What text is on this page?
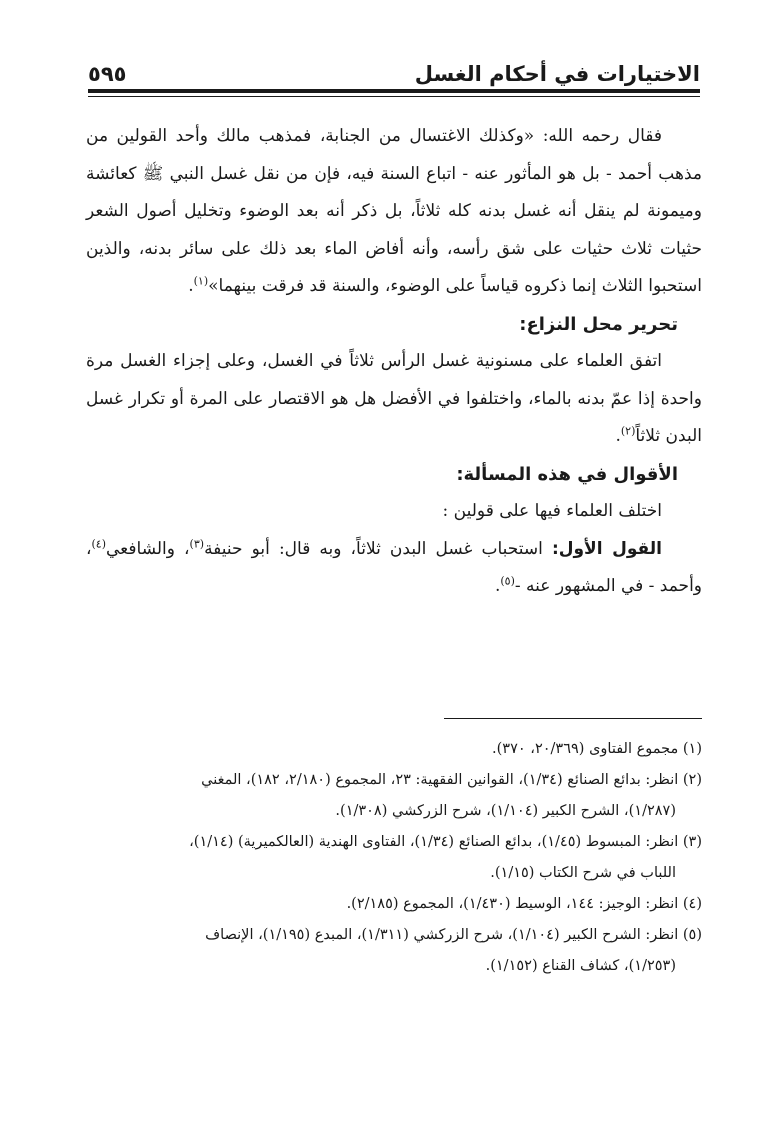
الاختيارات في أحكام الغسل
٥٩٥

فقال رحمه الله: «وكذلك الاغتسال من الجنابة، فمذهب مالك وأحد القولين من مذهب أحمد - بل هو المأثور عنه - اتباع السنة فيه، فإن من نقل غسل النبي ﷺ كعائشة وميمونة لم ينقل أنه غسل بدنه كله ثلاثاً، بل ذكر أنه بعد الوضوء وتخليل أصول الشعر حثيات ثلاث حثيات على شق رأسه، وأنه أفاض الماء بعد ذلك على سائر بدنه، والذين استحبوا الثلاث إنما ذكروه قياساً على الوضوء، والسنة قد فرقت بينهما»$^{(١)}$.

تحرير محل النزاع:

اتفق العلماء على مسنونية غسل الرأس ثلاثاً في الغسل، وعلى إجزاء الغسل مرة واحدة إذا عمّ بدنه بالماء، واختلفوا في الأفضل هل هو الاقتصار على المرة أو تكرار غسل البدن ثلاثاً$^{(٢)}$.

الأقوال في هذه المسألة:

اختلف العلماء فيها على قولين :

القول الأول: استحباب غسل البدن ثلاثاً، وبه قال: أبو حنيفة$^{(٣)}$، والشافعي$^{(٤)}$، وأحمد - في المشهور عنه -$^{(٥)}$.

(١) مجموع الفتاوى (٢٠/٣٦٩، ٣٧٠).

(٢) انظر: بدائع الصنائع (١/٣٤)، القوانين الفقهية: ٢٣، المجموع (٢/١٨٠، ١٨٢)، المغني

(١/٢٨٧)، الشرح الكبير (١/١٠٤)، شرح الزركشي (١/٣٠٨).

(٣) انظر: المبسوط (١/٤٥)، بدائع الصنائع (١/٣٤)، الفتاوى الهندية (العالكميرية) (١/١٤)،

اللباب في شرح الكتاب (١/١٥).

(٤) انظر: الوجيز: ١٤٤، الوسيط (١/٤٣٠)، المجموع (٢/١٨٥).

(٥) انظر: الشرح الكبير (١/١٠٤)، شرح الزركشي (١/٣١١)، المبدع (١/١٩٥)، الإنصاف

(١/٢٥٣)، كشاف القناع (١/١٥٢).
